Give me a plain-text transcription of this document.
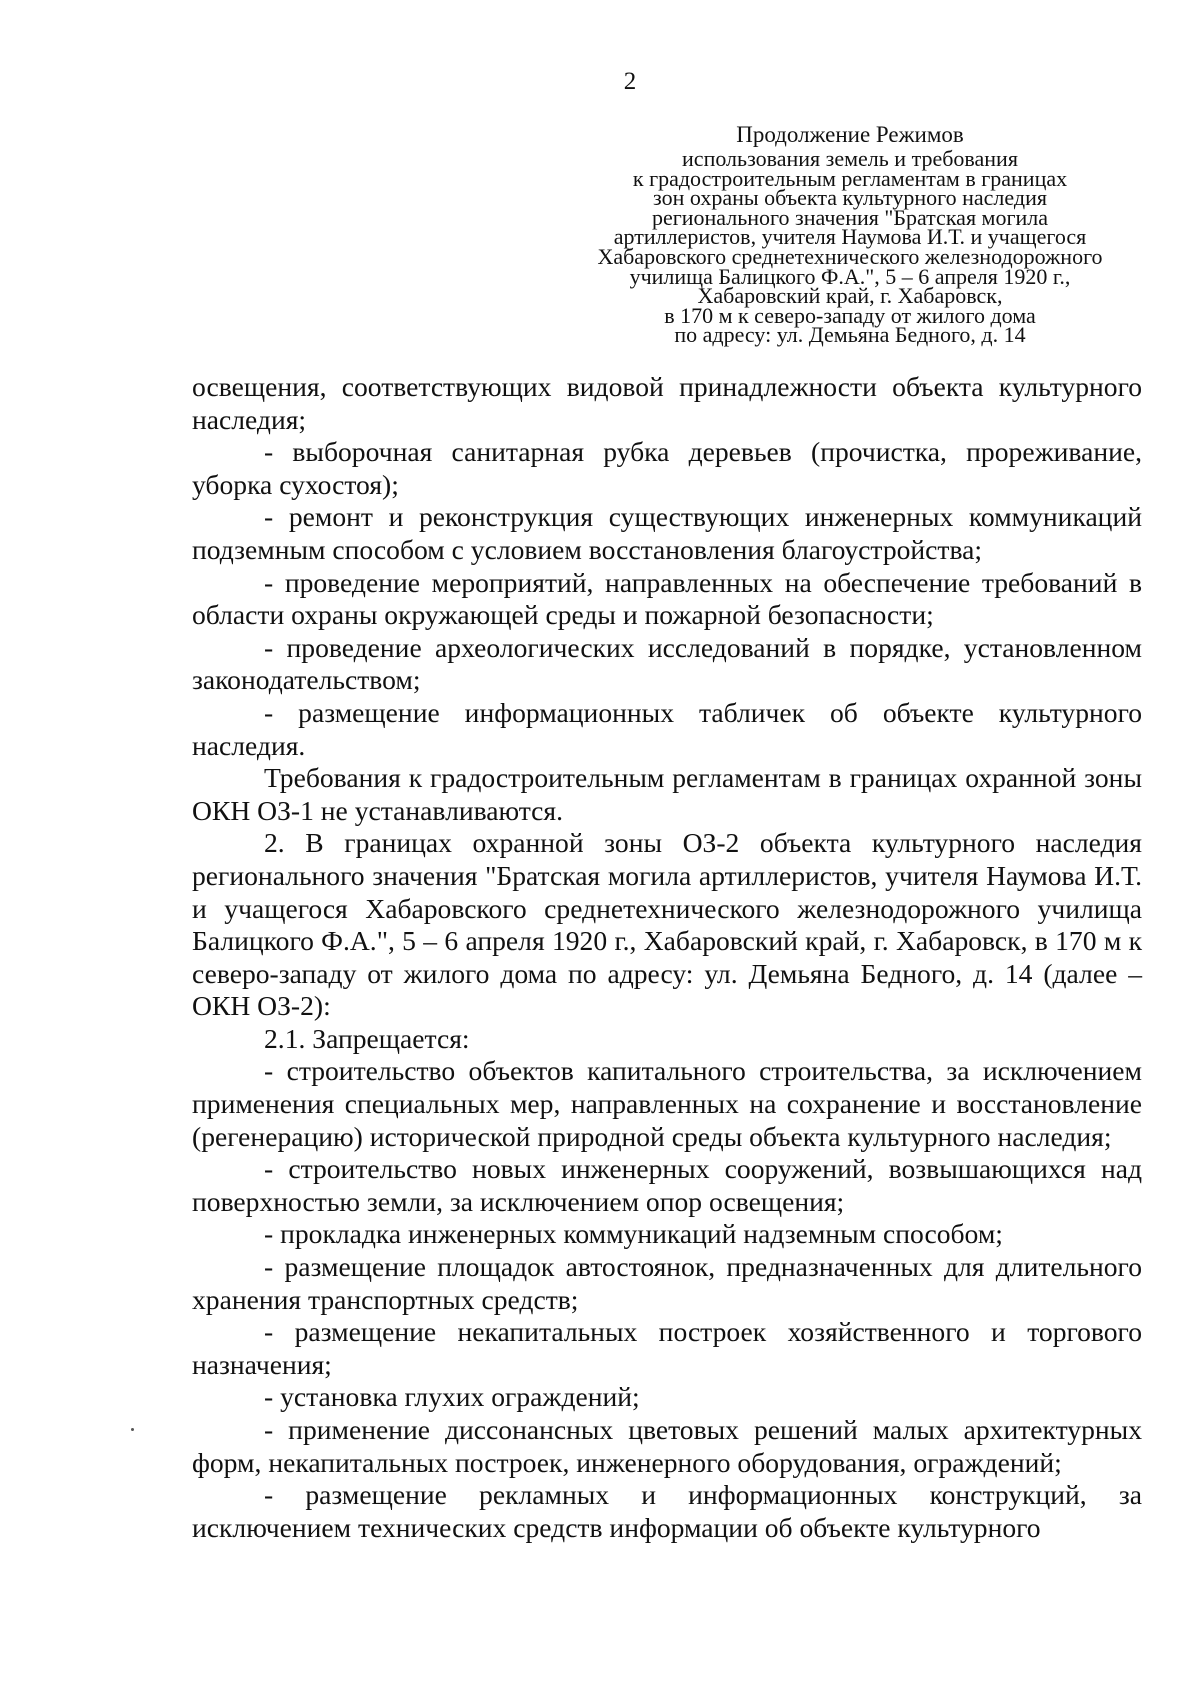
2
Продолжение Режимов
использования земель и требования
к градостроительным регламентам в границах
зон охраны объекта культурного наследия
регионального значения "Братская могила
артиллеристов, учителя Наумова И.Т. и учащегося
Хабаровского среднетехнического железнодорожного
училища Балицкого Ф.А.", 5 – 6 апреля 1920 г.,
Хабаровский край, г. Хабаровск,
в 170 м к северо-западу от жилого дома
по адресу: ул. Демьяна Бедного, д. 14

освещения, соответствующих видовой принадлежности объекта культурного наследия;

- выборочная санитарная рубка деревьев (прочистка, прореживание, уборка сухостоя);

- ремонт и реконструкция существующих инженерных коммуникаций подземным способом с условием восстановления благоустройства;

- проведение мероприятий, направленных на обеспечение требований в области охраны окружающей среды и пожарной безопасности;

- проведение археологических исследований в порядке, установленном законодательством;

- размещение информационных табличек об объекте культурного наследия.

Требования к градостроительным регламентам в границах охранной зоны ОКН ОЗ-1 не устанавливаются.

2. В границах охранной зоны ОЗ-2 объекта культурного наследия регионального значения "Братская могила артиллеристов, учителя Наумова И.Т. и учащегося Хабаровского среднетехнического железнодорожного училища Балицкого Ф.А.", 5 – 6 апреля 1920 г., Хабаровский край, г. Хабаровск, в 170 м к северо-западу от жилого дома по адресу: ул. Демьяна Бедного, д. 14 (далее – ОКН ОЗ-2):

2.1. Запрещается:

- строительство объектов капитального строительства, за исключением применения специальных мер, направленных на сохранение и восстановление (регенерацию) исторической природной среды объекта культурного наследия;

- строительство новых инженерных сооружений, возвышающихся над поверхностью земли, за исключением опор освещения;

- прокладка инженерных коммуникаций надземным способом;

- размещение площадок автостоянок, предназначенных для длительного хранения транспортных средств;

- размещение некапитальных построек хозяйственного и торгового назначения;

- установка глухих ограждений;

- применение диссонансных цветовых решений малых архитектурных форм, некапитальных построек, инженерного оборудования, ограждений;

- размещение рекламных и информационных конструкций, за исключением технических средств информации об объекте культурного
